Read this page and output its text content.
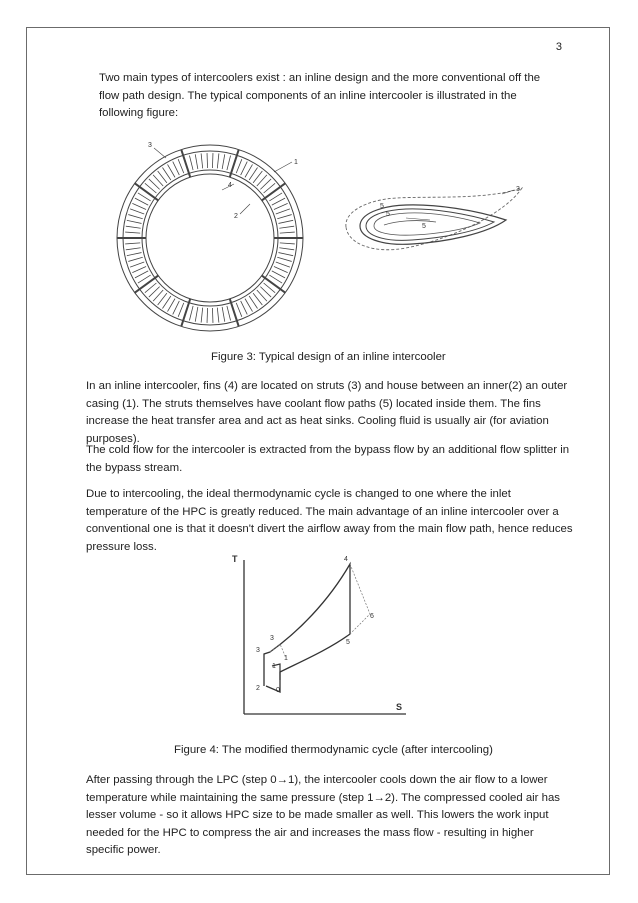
3

Two main types of intercoolers exist : an inline design and the more conventional off the flow path design. The typical components of an inline intercooler is illustrated in the following figure:

3
1
4
2
3
5
5
5

Figure 3: Typical design of an inline intercooler

In an inline intercooler, fins (4) are located on struts (3) and house between an inner(2) an outer casing (1). The struts themselves have coolant flow paths (5) located inside them. The fins increase the heat transfer area and act as heat sinks. Cooling fluid is usually air (for aviation purposes).

The cold flow for the intercooler is extracted from the bypass flow by an additional flow splitter in the bypass stream.

Due to intercooling, the ideal thermodynamic cycle is changed to one where the inlet temperature of the HPC is greatly reduced. The main advantage of an inline intercooler over a conventional one is that it doesn't divert the airflow away from the main flow path, hence reduces pressure loss.

T
S
3
3
1
1
2 0
4
6
5

Figure 4: The modified thermodynamic cycle (after intercooling)

After passing through the LPC (step 0→1), the intercooler cools down the air flow to a lower temperature while maintaining the same pressure (step 1→2). The compressed cooled air has lesser volume - so it allows HPC size to be made smaller as well. This lowers the work input needed for the HPC to compress the air and increases the mass flow - resulting in higher specific power.
